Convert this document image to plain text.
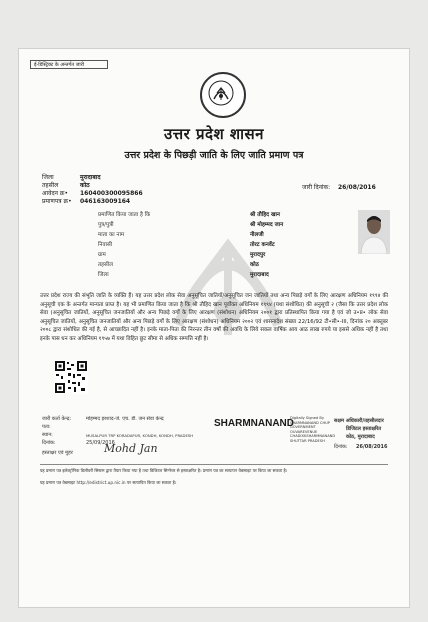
ई-डिस्ट्रिक्ट के अन्तर्गत जारी
उत्तर प्रदेश शासन
उत्तर प्रदेश के पिछड़ी जाति के लिए जाति प्रमाण पत्र
जिला	मुरादाबाद
तहसील	कोठ
आवेदन क्र• 160400300095866
प्रमाणपत्र क्र• 046163009164
जारी दिनांक: 26/08/2016
प्रमाणित किया जाता है कि	श्री तौहिद खान
पुत्र/पुत्री	श्री मोहम्मद जान
माता का नाम	नीलजी
निवासी	तोरट कनवेंट
ग्राम	मुरादपुर
तहसील	कोठ
जिला	मुरादाबाद
उत्तर प्रदेश राज्य की संभूति जाति के व्यक्ति हैं। यह उत्तर प्रदेश लोक सेवा अनुसूचित जातियों/अनुसूचित जन जातियों तथा अन्य पिछड़े वर्गों के लिए आरक्षण अधिनियम १९९४ की अनुसूची एक के अन्तर्गत मान्यता प्राप्त है। यह भी प्रमाणित किया जाता है कि श्री तौहिद खान पूर्वोक्त अधिनियम १९९४ (यथा संशोधित) की अनुसूची २ (जैसा कि उत्तर प्रदेश लोक सेवा (अनुसूचित जातियों, अनुसूचित जनजातियों और अन्य पिछड़े वर्गों के लिए आरक्षण (संशोधन) अधिनियम २००१ द्वारा प्रतिस्थापित किया गया है एवं जो उ•प्र• लोक सेवा अनुसूचित जातियों, अनुसूचित जनजातियों और अन्य पिछड़े वर्गों के लिए आरक्षण (संशोधन) अधिनियम २००२ एवं शासनादेश संख्या 22/16/92 टी•सी•-III, दिनांक २० अक्तूबर २००८ द्वारा संशोधित की गई है, से आच्छादित नहीं है। इनके माता-पिता की निरन्तर तीन वर्षों की अवधि के लिये सकल वार्षिक आय आठ लाख रुपये या इससे अधिक नहीं है तथा इनके पास धन कर अधिनियम १९५७ में यथा विहित छूट सीमा से अधिक सम्पत्ति नहीं है।
जारी कर्ता केन्द्र:	मोहम्मद इरशाद-जे. एच. डी. जन सेवा केन्द्र
पता:
स्थान:	MUSALPUR TRP KORADAPUR, KONDH, KONDH, PRADESH
दिनांक:	25/09/2016
हस्ताक्षर एवं मुहर	Mohd Jan
SHARMNANAND
Digitally Signed By
SHARMNANAND CHUP
GOVERNMENT
OUVAREVENUE
CHADIXKSHARMNANAND
SHUTTAR PRADESH
सक्षम अधिकारी/तहसीलदार
डिजिटल हस्ताक्षरित
कोठ, मुरादाबाद
दिनांक: 26/08/2016
यह प्रमाण पत्र इलेक्ट्रॉनिक डिलीवरी सिस्टम द्वारा तैयार किया गया है तथा डिजिटल सिग्नेचर से हस्ताक्षरित है। प्रमाण पत्र का सत्यापन वेबसाइट पर किया जा सकता है।
यह प्रमाण पत्र वेबसाइट http://edistrict.up.nic.in पर सत्यापित किया जा सकता है।
